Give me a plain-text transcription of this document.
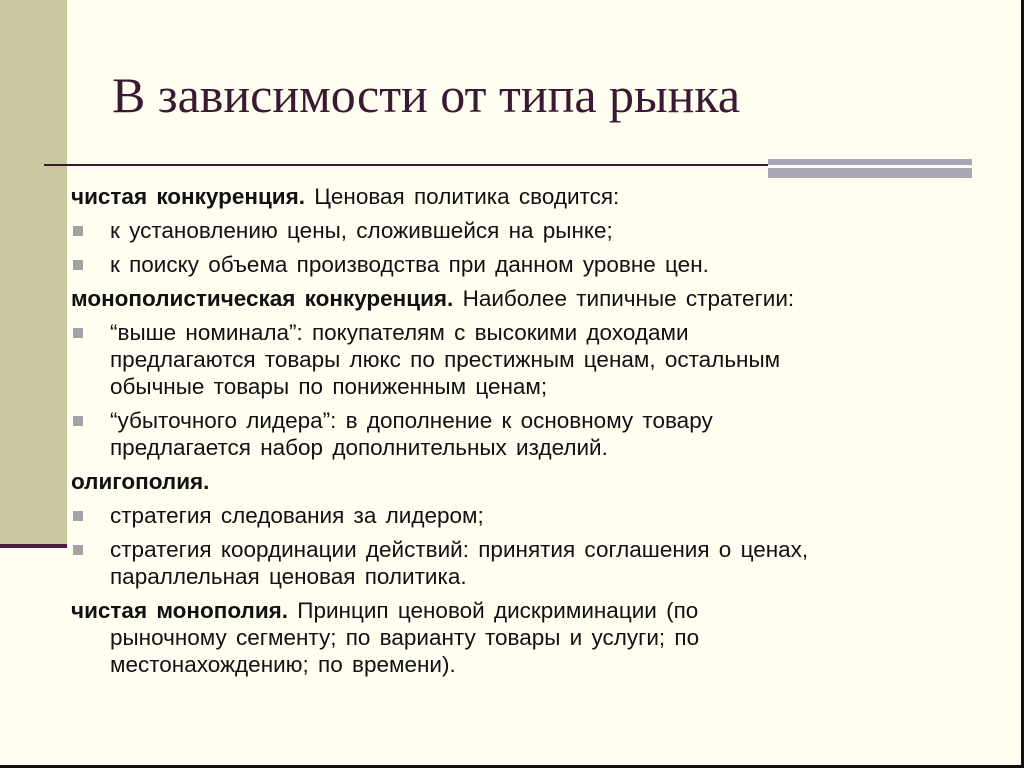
В зависимости от типа рынка
чистая конкуренция. Ценовая политика сводится:
к установлению цены, сложившейся на рынке;
к поиску объема производства при данном уровне цен.
монополистическая конкуренция. Наиболее типичные стратегии:
“выше номинала”: покупателям с высокими доходами
предлагаются товары люкс по престижным ценам, остальным
обычные товары по пониженным ценам;
“убыточного лидера”: в дополнение к основному товару
предлагается набор дополнительных изделий.
олигополия.
стратегия следования за лидером;
стратегия координации действий: принятия соглашения о ценах,
параллельная ценовая политика.
чистая монополия. Принцип ценовой дискриминации (по
рыночному сегменту; по варианту товары и услуги; по
местонахождению; по времени).
